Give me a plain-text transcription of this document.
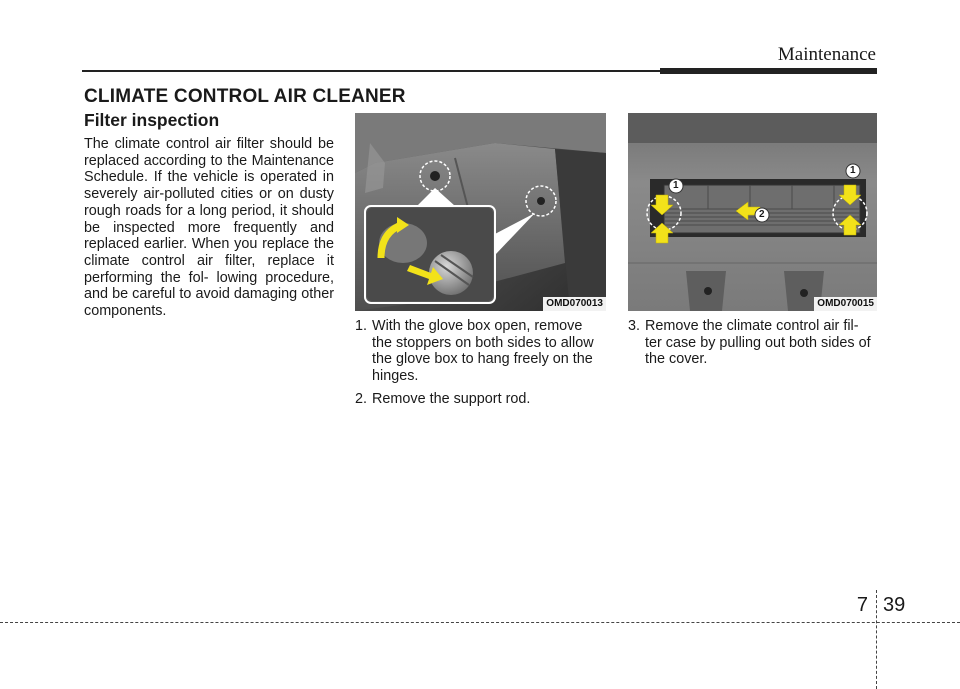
Maintenance
CLIMATE CONTROL AIR CLEANER
Filter inspection
The climate control air filter should be replaced according to the Maintenance Schedule. If the vehicle is operated in severely air-polluted cities or on dusty rough roads for a long period, it should be inspected more frequently and replaced earlier. When you replace the climate control air filter, replace it performing the fol- lowing procedure, and be careful to avoid damaging other components.	OMD070013
1
1
2
OMD070015
1. With the glove box open, remove the stoppers on both sides to allow the glove box to hang freely on the hinges.
2. Remove the support rod.
3. Remove the climate control air fil- ter case by pulling out both sides of the cover.
7 39
